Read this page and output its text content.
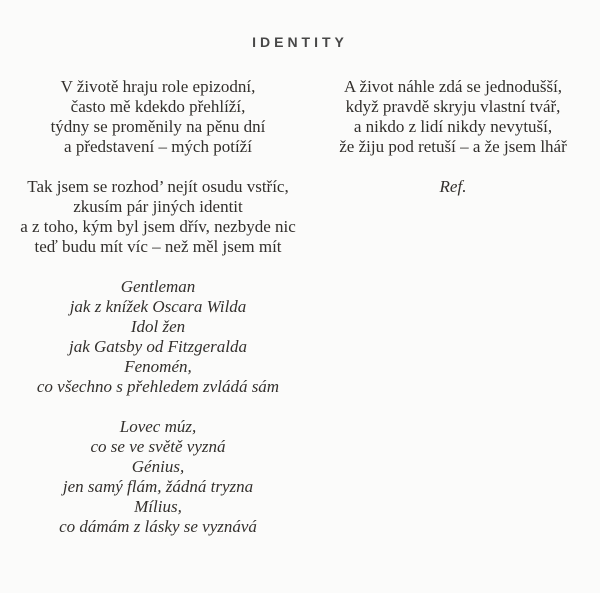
IDENTITY
V životě hraju role epizodní,
často mě kdekdo přehlíží,
týdny se proměnily na pěnu dní
a představení – mých potíží
Tak jsem se rozhod’ nejít osudu vstříc,
zkusím pár jiných identit
a z toho, kým byl jsem dřív, nezbyde nic
teď budu mít víc – než měl jsem mít
Gentleman
jak z knížek Oscara Wilda
Idol žen
jak Gatsby od Fitzgeralda
Fenomén,
co všechno s přehledem zvládá sám
Lovec múz,
co se ve světě vyzná
Génius,
jen samý flám, žádná tryzna
Mílius,
co dámám z lásky se vyznává
A život náhle zdá se jednodušší,
když pravdě skryju vlastní tvář,
a nikdo z lidí nikdy nevytuší,
že žiju pod retuší – a že jsem lhář
Ref.
